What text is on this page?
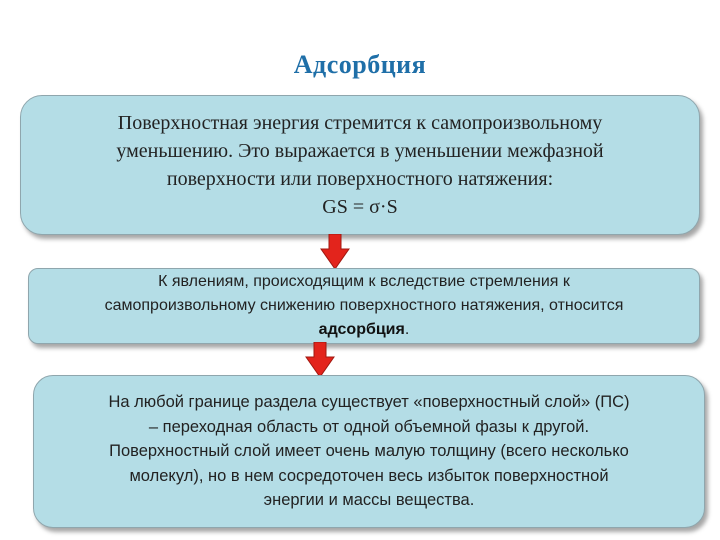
Адсорбция
Поверхностная энергия стремится к самопроизвольному
уменьшению. Это выражается в уменьшении межфазной
поверхности или поверхностного натяжения:
GS = σ·S
К явлениям, происходящим к вследствие стремления к
самопроизвольному снижению поверхностного натяжения, относится
адсорбция.
На любой границе раздела существует «поверхностный слой» (ПС)
– переходная область от одной объемной фазы к другой.
Поверхностный слой имеет очень малую толщину (всего несколько
молекул), но в нем сосредоточен весь избыток поверхностной
энергии и массы вещества.
